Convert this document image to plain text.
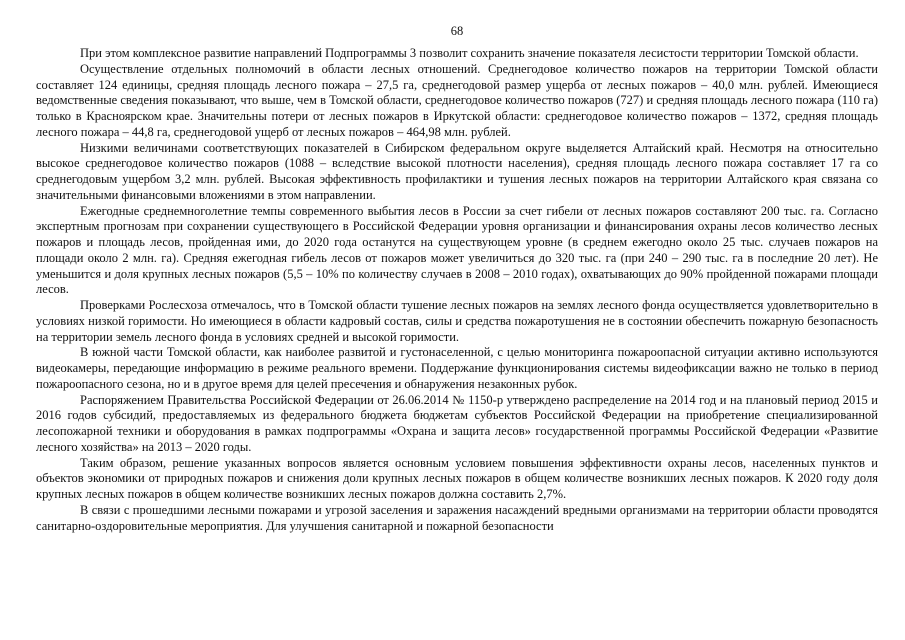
68

При этом комплексное развитие направлений Подпрограммы 3 позволит сохранить значение показателя лесистости территории Томской области.

Осуществление отдельных полномочий в области лесных отношений. Среднегодовое количество пожаров на территории Томской области составляет 124 единицы, средняя площадь лесного пожара – 27,5 га, среднегодовой размер ущерба от лесных пожаров – 40,0 млн. рублей. Имеющиеся ведомственные сведения показывают, что выше, чем в Томской области, среднегодовое количество пожаров (727) и средняя площадь лесного пожара (110 га) только в Красноярском крае. Значительны потери от лесных пожаров в Иркутской области: среднегодовое количество пожаров – 1372, средняя площадь лесного пожара – 44,8 га, среднегодовой ущерб от лесных пожаров – 464,98 млн. рублей.

Низкими величинами соответствующих показателей в Сибирском федеральном округе выделяется Алтайский край. Несмотря на относительно высокое среднегодовое количество пожаров (1088 – вследствие высокой плотности населения), средняя площадь лесного пожара составляет 17 га со среднегодовым ущербом 3,2 млн. рублей. Высокая эффективность профилактики и тушения лесных пожаров на территории Алтайского края связана со значительными финансовыми вложениями в этом направлении.

Ежегодные среднемноголетние темпы современного выбытия лесов в России за счет гибели от лесных пожаров составляют 200 тыс. га. Согласно экспертным прогнозам при сохранении существующего в Российской Федерации уровня организации и финансирования охраны лесов количество лесных пожаров и площадь лесов, пройденная ими, до 2020 года останутся на существующем уровне (в среднем ежегодно около 25 тыс. случаев пожаров на площади около 2 млн. га). Средняя ежегодная гибель лесов от пожаров может увеличиться до 320 тыс. га (при 240 – 290 тыс. га в последние 20 лет). Не уменьшится и доля крупных лесных пожаров (5,5 – 10% по количеству случаев в 2008 – 2010 годах), охватывающих до 90% пройденной пожарами площади лесов.

Проверками Рослесхоза отмечалось, что в Томской области тушение лесных пожаров на землях лесного фонда осуществляется удовлетворительно в условиях низкой горимости. Но имеющиеся в области кадровый состав, силы и средства пожаротушения не в состоянии обеспечить пожарную безопасность на территории земель лесного фонда в условиях средней и высокой горимости.

В южной части Томской области, как наиболее развитой и густонаселенной, с целью мониторинга пожароопасной ситуации активно используются видеокамеры, передающие информацию в режиме реального времени. Поддержание функционирования системы видеофиксации важно не только в период пожароопасного сезона, но и в другое время для целей пресечения и обнаружения незаконных рубок.

Распоряжением Правительства Российской Федерации от 26.06.2014 № 1150-р утверждено распределение на 2014 год и на плановый период 2015 и 2016 годов субсидий, предоставляемых из федерального бюджета бюджетам субъектов Российской Федерации на приобретение специализированной лесопожарной техники и оборудования в рамках подпрограммы «Охрана и защита лесов» государственной программы Российской Федерации «Развитие лесного хозяйства» на 2013 – 2020 годы.

Таким образом, решение указанных вопросов является основным условием повышения эффективности охраны лесов, населенных пунктов и объектов экономики от природных пожаров и снижения доли крупных лесных пожаров в общем количестве возникших лесных пожаров. К 2020 году доля крупных лесных пожаров в общем количестве возникших лесных пожаров должна составить 2,7%.

В связи с прошедшими лесными пожарами и угрозой заселения и заражения насаждений вредными организмами на территории области проводятся санитарно-оздоровительные мероприятия. Для улучшения санитарной и пожарной безопасности
